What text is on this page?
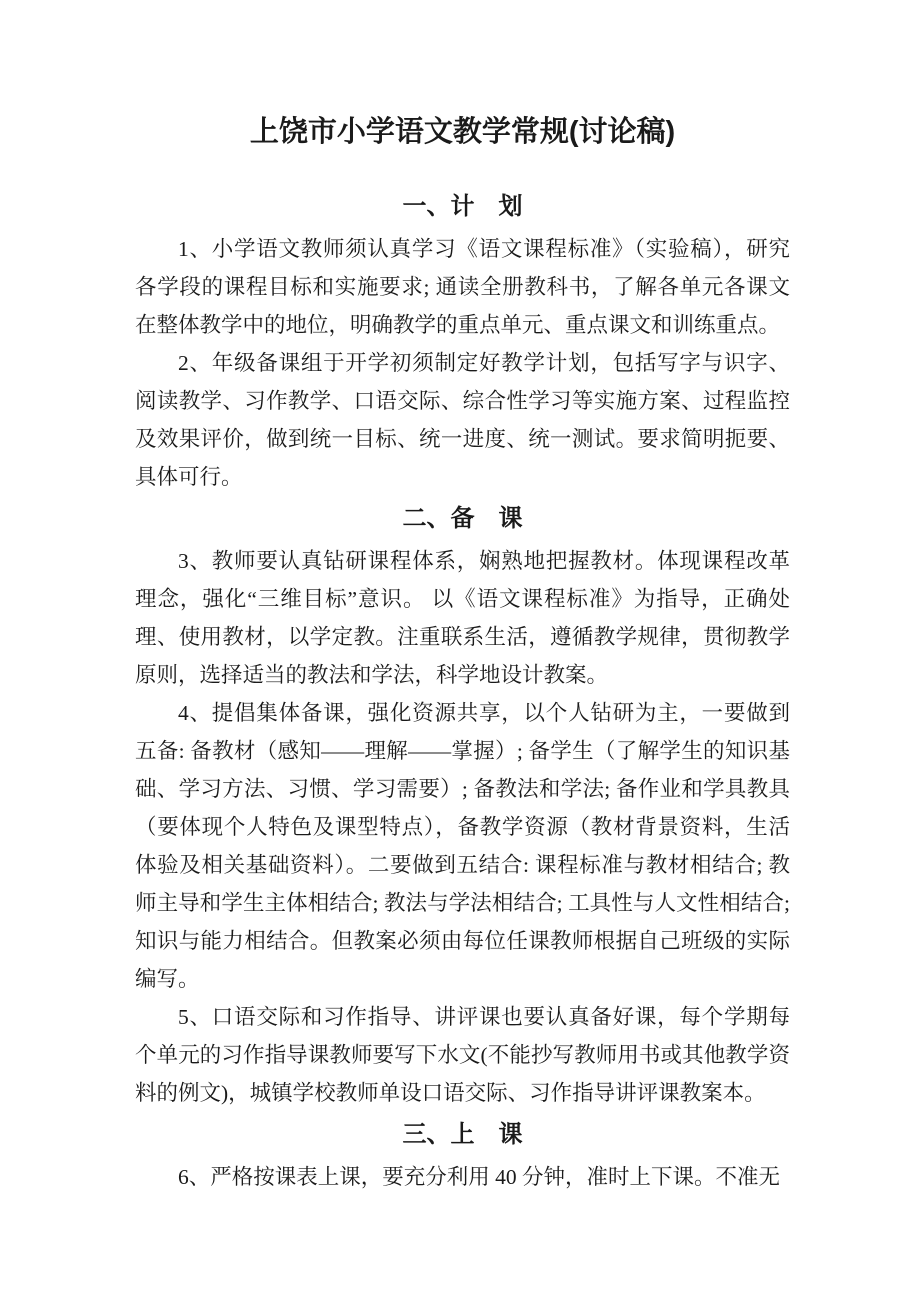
上饶市小学语文教学常规(讨论稿)
一、计　划

1、小学语文教师须认真学习《语文课程标准》（实验稿），研究各学段的课程目标和实施要求; 通读全册教科书，了解各单元各课文在整体教学中的地位，明确教学的重点单元、重点课文和训练重点。

2、年级备课组于开学初须制定好教学计划，包括写字与识字、阅读教学、习作教学、口语交际、综合性学习等实施方案、过程监控及效果评价，做到统一目标、统一进度、统一测试。要求简明扼要、具体可行。

二、备　课

3、教师要认真钻研课程体系，娴熟地把握教材。体现课程改革理念，强化“三维目标”意识。 以《语文课程标准》为指导，正确处理、使用教材，以学定教。注重联系生活，遵循教学规律，贯彻教学原则，选择适当的教法和学法，科学地设计教案。

4、提倡集体备课，强化资源共享，以个人钻研为主，一要做到五备: 备教材（感知——理解——掌握）; 备学生（了解学生的知识基础、学习方法、习惯、学习需要）; 备教法和学法; 备作业和学具教具（要体现个人特色及课型特点），备教学资源（教材背景资料，生活体验及相关基础资料）。二要做到五结合: 课程标准与教材相结合; 教师主导和学生主体相结合; 教法与学法相结合; 工具性与人文性相结合; 知识与能力相结合。但教案必须由每位任课教师根据自己班级的实际编写。

5、口语交际和习作指导、讲评课也要认真备好课，每个学期每个单元的习作指导课教师要写下水文(不能抄写教师用书或其他教学资料的例文)，城镇学校教师单设口语交际、习作指导讲评课教案本。

三、上　课

6、严格按课表上课，要充分利用 40 分钟，准时上下课。不准无
